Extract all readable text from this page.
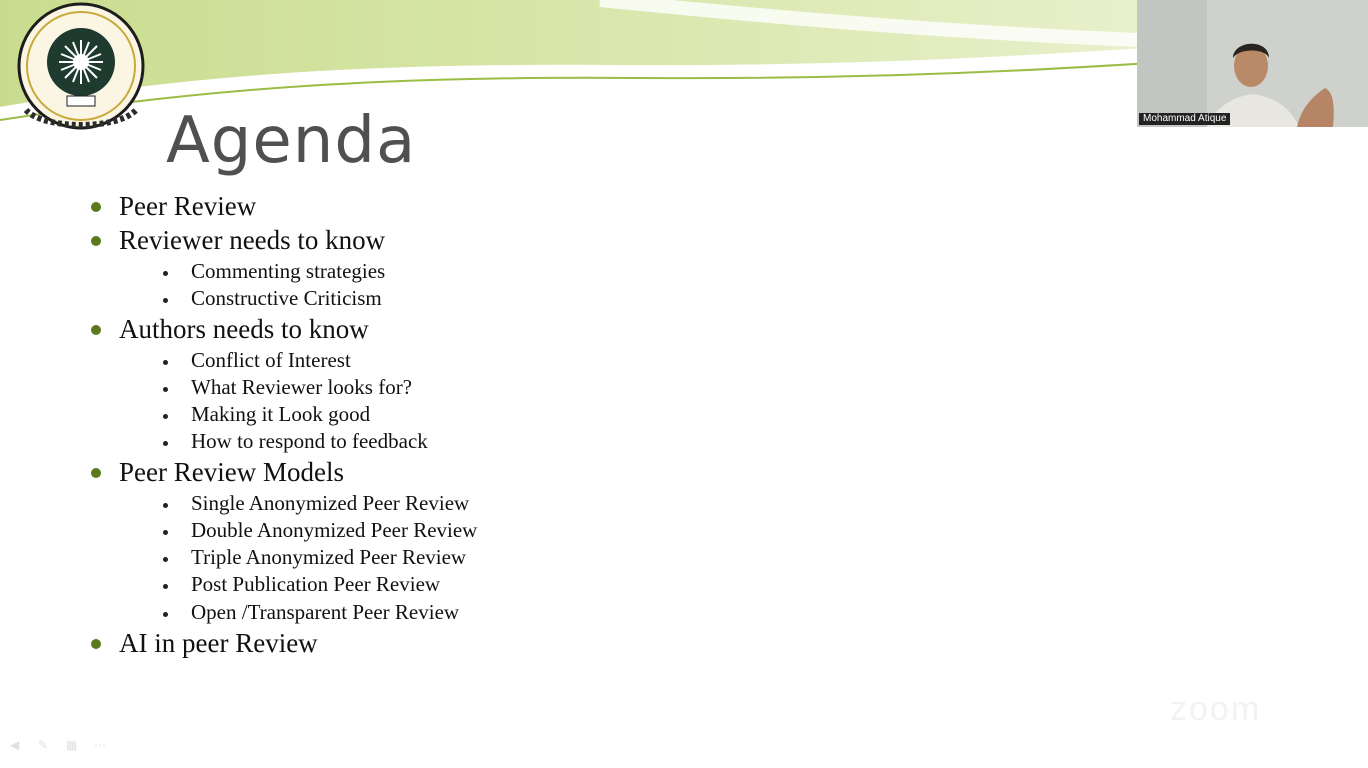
Agenda
Peer Review
Reviewer needs to know
Commenting strategies
Constructive Criticism
Authors needs to know
Conflict of Interest
What Reviewer looks for?
Making it Look good
How to respond to feedback
Peer Review Models
Single Anonymized Peer Review
Double Anonymized Peer Review
Triple Anonymized Peer Review
Post Publication Peer Review
Open /Transparent Peer Review
AI in peer Review
◀	✎	▦	⋯
zoom
Mohammad Atique
